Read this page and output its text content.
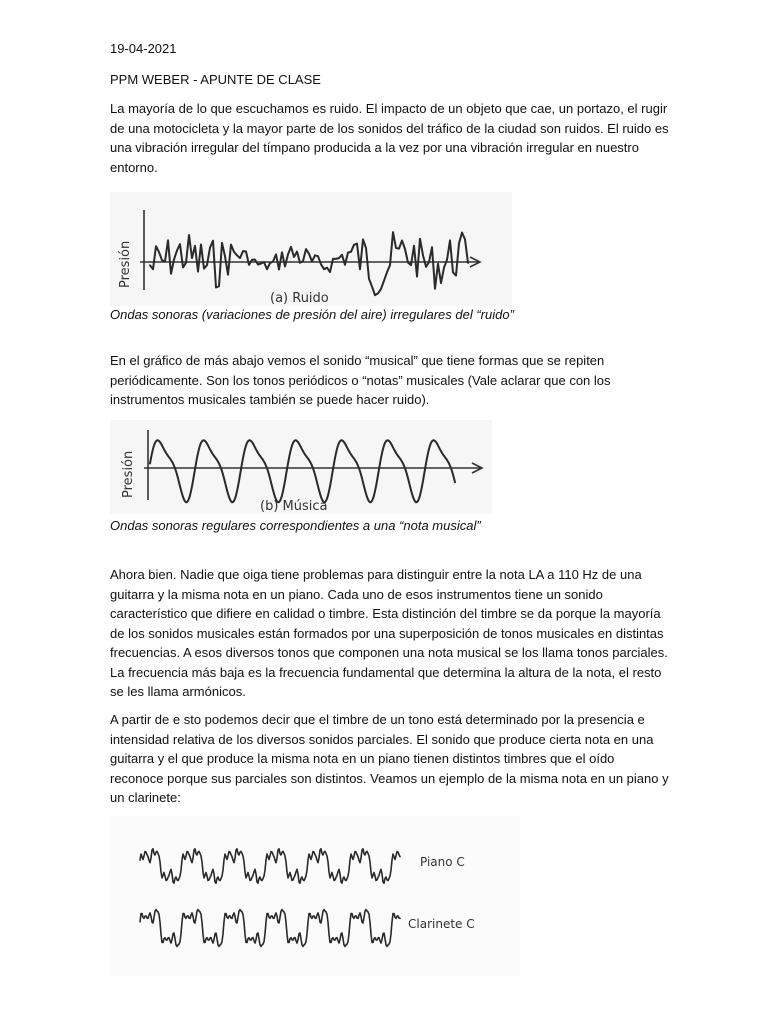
19-04-2021

PPM WEBER - APUNTE DE CLASE

La mayoría de lo que escuchamos es ruido. El impacto de un objeto que cae, un portazo, el rugir de una motocicleta y la mayor parte de los sonidos del tráfico de la ciudad son ruidos. El ruido es una vibración irregular del tímpano producida a la vez por una vibración irregular en nuestro entorno.

Presión
(a) Ruido

Ondas sonoras (variaciones de presión del aire) irregulares del “ruido”

En el gráfico de más abajo vemos el sonido “musical” que tiene formas que se repiten periódicamente. Son los tonos periódicos o “notas” musicales (Vale aclarar que con los instrumentos musicales también se puede hacer ruido).

Presión
(b) Música

Ondas sonoras regulares correspondientes a una “nota musical”

Ahora bien. Nadie que oiga tiene problemas para distinguir entre la nota LA a 110 Hz de una guitarra y la misma nota en un piano. Cada uno de esos instrumentos tiene un sonido característico que difiere en calidad o timbre. Esta distinción del timbre se da porque la mayoría de los sonidos musicales están formados por una superposición de tonos musicales en distintas frecuencias. A esos diversos tonos que componen una nota musical se los llama tonos parciales. La frecuencia más baja es la frecuencia fundamental que determina la altura de la nota, el resto se les llama armónicos.

A partir de e sto podemos decir que el timbre de un tono está determinado por la presencia e intensidad relativa de los diversos sonidos parciales. El sonido que produce cierta nota en una guitarra y el que produce la misma nota en un piano tienen distintos timbres que el oído reconoce porque sus parciales son distintos. Veamos un ejemplo de la misma nota en un piano y un clarinete:

Piano C
Clarinete C
